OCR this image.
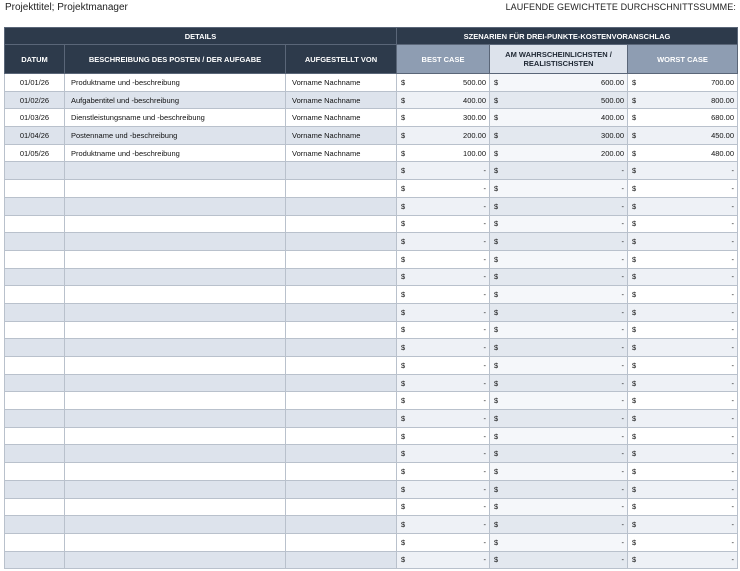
Projekttitel; Projektmanager	LAUFENDE GEWICHTETE DURCHSCHNITTSSUMME:
DETAILS			SZENARIEN FÜR DREI-PUNKTE-KOSTENVORANSCHLAG		
DATUM	BESCHREIBUNG DES POSTEN / DER AUFGABE	AUFGESTELLT VON	BEST CASE	AM WAHRSCHEINLICHSTEN / REALISTISCHSTEN	WORST CASE
01/01/26	Produktname und -beschreibung	Vorname Nachname	$ 500.00	$ 600.00	$ 700.00

01/02/26	Aufgabentitel und -beschreibung	Vorname Nachname	$ 400.00	$ 500.00	$ 800.00

01/03/26	Dienstleistungsname und -beschreibung	Vorname Nachname	$ 300.00	$ 400.00	$ 680.00

01/04/26	Postenname und -beschreibung	Vorname Nachname	$ 200.00	$ 300.00	$ 450.00

01/05/26	Produktname und -beschreibung	Vorname Nachname	$ 100.00	$ 200.00	$ 480.00

			$ -	$ -	$ -

			$ -	$ -	$ -

			$ -	$ -	$ -

			$ -	$ -	$ -

			$ -	$ -	$ -

			$ -	$ -	$ -

			$ -	$ -	$ -

			$ -	$ -	$ -

			$ -	$ -	$ -

			$ -	$ -	$ -

			$ -	$ -	$ -

			$ -	$ -	$ -

			$ -	$ -	$ -

			$ -	$ -	$ -

			$ -	$ -	$ -

			$ -	$ -	$ -

			$ -	$ -	$ -

			$ -	$ -	$ -

			$ -	$ -	$ -

			$ -	$ -	$ -

			$ -	$ -	$ -

			$ -	$ -	$ -

			$ -	$ -	$ -
